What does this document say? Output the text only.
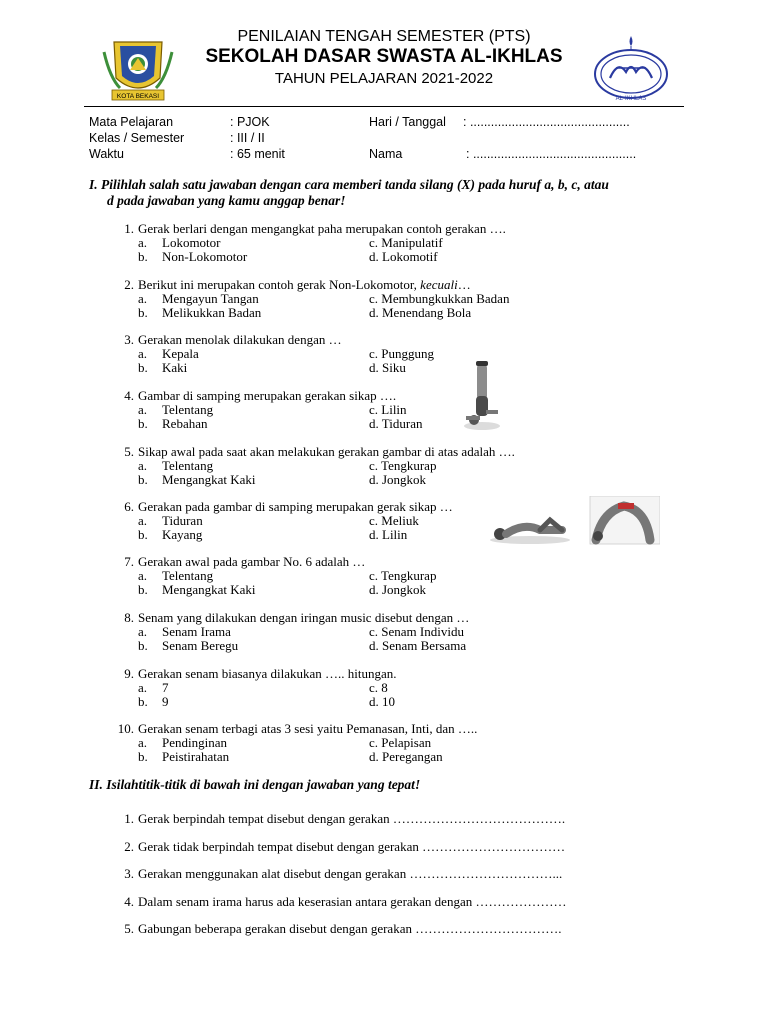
PENILAIAN TENGAH SEMESTER (PTS)
SEKOLAH DASAR SWASTA AL-IKHLAS
TAHUN PELAJARAN 2021-2022
KOTA BEKASI	AL-IKHLAS
Mata Pelajaran	: PJOK
Kelas / Semester	: III / II
Waktu	: 65 menit
Hari / Tanggal : ..............................................
Nama	: ...............................................
I. Pilihlah salah satu jawaban dengan cara memberi tanda silang (X) pada huruf a, b, c, atau
d pada jawaban yang kamu anggap benar!
1. Gerak berlari dengan mengangkat paha merupakan contoh gerakan ….
a.	Lokomotor
b.	Non-Lokomotor
c. Manipulatif
d. Lokomotif
2. Berikut ini merupakan contoh gerak Non-Lokomotor, kecuali…
a.	Mengayun Tangan
b.	Melikukkan Badan
c. Membungkukkan Badan
d. Menendang Bola
3. Gerakan menolak dilakukan dengan …
a.	Kepala
b.	Kaki
c. Punggung
d. Siku
4. Gambar di samping merupakan gerakan sikap ….
a.	Telentang
b.	Rebahan
c. Lilin
d. Tiduran
5. Sikap awal pada saat akan melakukan gerakan gambar di atas adalah ….
a.	Telentang
b.	Mengangkat Kaki
c. Tengkurap
d. Jongkok
6. Gerakan pada gambar di samping merupakan gerak sikap …
a.	Tiduran
b.	Kayang
c. Meliuk
d. Lilin
7. Gerakan awal pada gambar No. 6 adalah …
a.	Telentang
b.	Mengangkat Kaki
c. Tengkurap
d. Jongkok
8. Senam yang dilakukan dengan iringan music disebut dengan …
a.	Senam Irama
b.	Senam Beregu
c. Senam Individu
d. Senam Bersama
9. Gerakan senam biasanya dilakukan ….. hitungan.
a.	7
b.	9
c. 8
d. 10
10. Gerakan senam terbagi atas 3 sesi yaitu Pemanasan, Inti, dan …..
a.	Pendinginan
b.	Peistirahatan
c. Pelapisan
d. Peregangan
II. Isilahtitik-titik di bawah ini dengan jawaban yang tepat!
1. Gerak berpindah tempat disebut dengan gerakan ………………………………….
2. Gerak tidak berpindah tempat disebut dengan gerakan ……………………………
3. Gerakan menggunakan alat disebut dengan gerakan ……………………………...
4. Dalam senam irama harus ada keserasian antara gerakan dengan …………………
5. Gabungan beberapa gerakan disebut dengan gerakan …………………………….
